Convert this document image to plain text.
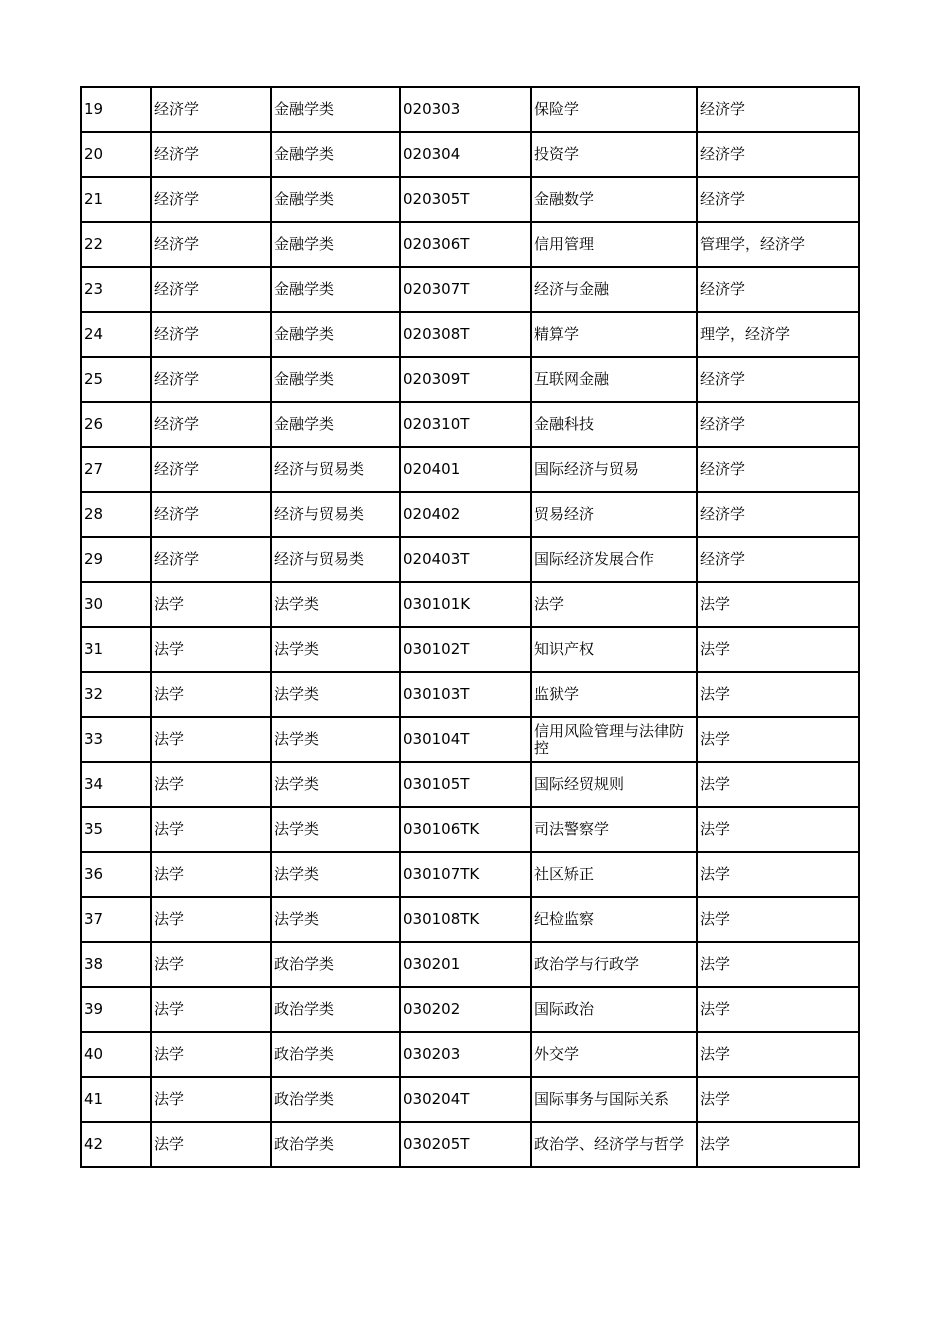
19	经济学	金融学类	020303	保险学	经济学
20	经济学	金融学类	020304	投资学	经济学
21	经济学	金融学类	020305T	金融数学	经济学
22	经济学	金融学类	020306T	信用管理	管理学，经济学
23	经济学	金融学类	020307T	经济与金融	经济学
24	经济学	金融学类	020308T	精算学	理学，经济学
25	经济学	金融学类	020309T	互联网金融	经济学
26	经济学	金融学类	020310T	金融科技	经济学
27	经济学	经济与贸易类	020401	国际经济与贸易	经济学
28	经济学	经济与贸易类	020402	贸易经济	经济学
29	经济学	经济与贸易类	020403T	国际经济发展合作	经济学
30	法学	法学类	030101K	法学	法学
31	法学	法学类	030102T	知识产权	法学
32	法学	法学类	030103T	监狱学	法学
33	法学	法学类	030104T	信用风险管理与法律防控	法学
34	法学	法学类	030105T	国际经贸规则	法学
35	法学	法学类	030106TK	司法警察学	法学
36	法学	法学类	030107TK	社区矫正	法学
37	法学	法学类	030108TK	纪检监察	法学
38	法学	政治学类	030201	政治学与行政学	法学
39	法学	政治学类	030202	国际政治	法学
40	法学	政治学类	030203	外交学	法学
41	法学	政治学类	030204T	国际事务与国际关系	法学
42	法学	政治学类	030205T	政治学、经济学与哲学	法学
